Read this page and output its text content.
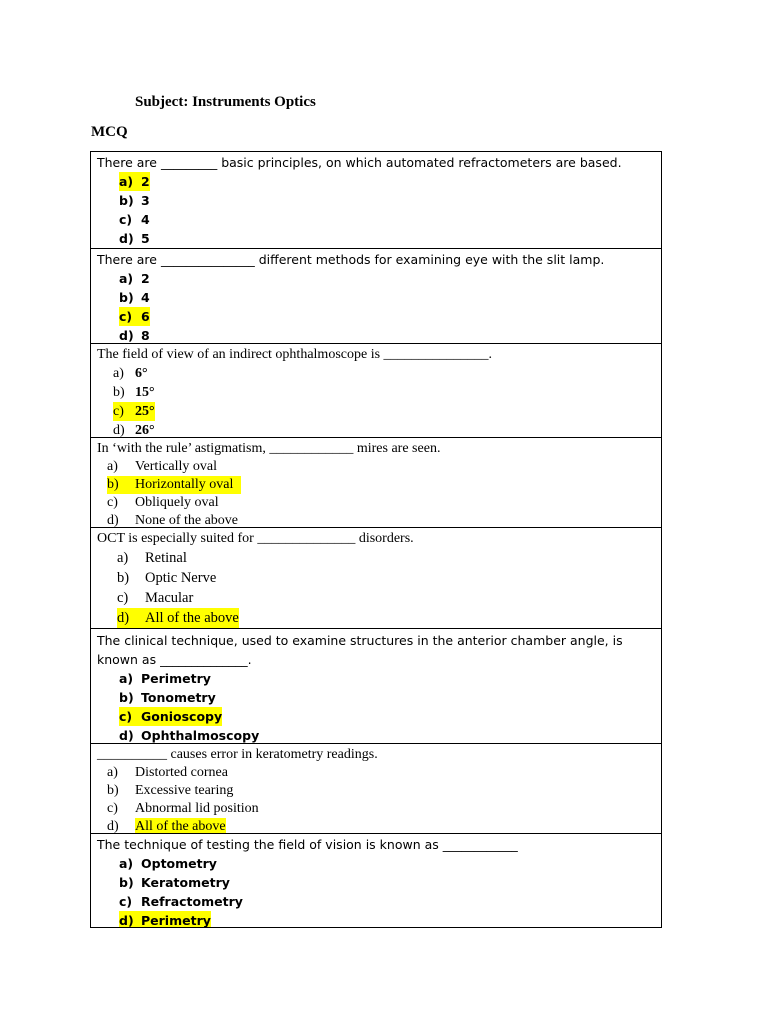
Subject: Instruments Optics
MCQ
There are _________ basic principles, on which automated refractometers are based.
a) 2
b) 3
c) 4
d) 5
There are _______________ different methods for examining eye with the slit lamp.
a) 2
b) 4
c) 6
d) 8
The field of view of an indirect ophthalmoscope is _______________.
a) 6°
b) 15°
c) 25°
d) 26°
In ‘with the rule’ astigmatism, ____________ mires are seen.
a)	Vertically oval
b)	Horizontally oval
c)	Obliquely oval
d)	None of the above
OCT is especially suited for ______________ disorders.
a)	Retinal
b)	Optic Nerve
c)	Macular
d)	All of the above
The clinical technique, used to examine structures in the anterior chamber angle, is known as ______________.
a) Perimetry
b) Tonometry
c) Gonioscopy
d) Ophthalmoscopy
__________ causes error in keratometry readings.
a)	Distorted cornea
b)	Excessive tearing
c)	Abnormal lid position
d)	All of the above
The technique of testing the field of vision is known as ____________
a) Optometry
b) Keratometry
c) Refractometry
d) Perimetry
